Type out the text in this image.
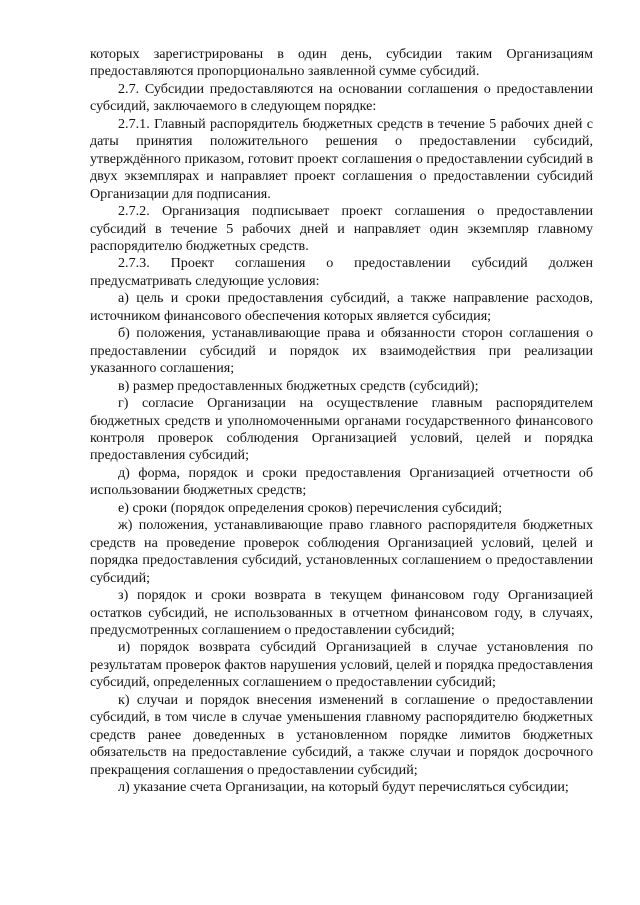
которых зарегистрированы в один день, субсидии таким Организациям предоставляются пропорционально заявленной сумме субсидий.

2.7. Субсидии предоставляются на основании соглашения о предоставлении субсидий, заключаемого в следующем порядке:

2.7.1. Главный распорядитель бюджетных средств в течение 5 рабочих дней с даты принятия положительного решения о предоставлении субсидий, утверждённого приказом, готовит проект соглашения о предоставлении субсидий в двух экземплярах и направляет проект соглашения о предоставлении субсидий Организации для подписания.

2.7.2. Организация подписывает проект соглашения о предоставлении субсидий в течение 5 рабочих дней и направляет один экземпляр главному распорядителю бюджетных средств.

2.7.3. Проект соглашения о предоставлении субсидий должен предусматривать следующие условия:

а) цель и сроки предоставления субсидий, а также направление расходов, источником финансового обеспечения которых является субсидия;

б) положения, устанавливающие права и обязанности сторон соглашения о предоставлении субсидий и порядок их взаимодействия при реализации указанного соглашения;

в) размер предоставленных бюджетных средств (субсидий);

г) согласие Организации на осуществление главным распорядителем бюджетных средств и уполномоченными органами государственного финансового контроля проверок соблюдения Организацией условий, целей и порядка предоставления субсидий;

д) форма, порядок и сроки предоставления Организацией отчетности об использовании бюджетных средств;

е) сроки (порядок определения сроков) перечисления субсидий;

ж) положения, устанавливающие право главного распорядителя бюджетных средств на проведение проверок соблюдения Организацией условий, целей и порядка предоставления субсидий, установленных соглашением о предоставлении субсидий;

з) порядок и сроки возврата в текущем финансовом году Организацией остатков субсидий, не использованных в отчетном финансовом году, в случаях, предусмотренных соглашением о предоставлении субсидий;

и) порядок возврата субсидий Организацией в случае установления по результатам проверок фактов нарушения условий, целей и порядка предоставления субсидий, определенных соглашением о предоставлении субсидий;

к) случаи и порядок внесения изменений в соглашение о предоставлении субсидий, в том числе в случае уменьшения главному распорядителю бюджетных средств ранее доведенных в установленном порядке лимитов бюджетных обязательств на предоставление субсидий, а также случаи и порядок досрочного прекращения соглашения о предоставлении субсидий;

л) указание счета Организации, на который будут перечисляться субсидии;
